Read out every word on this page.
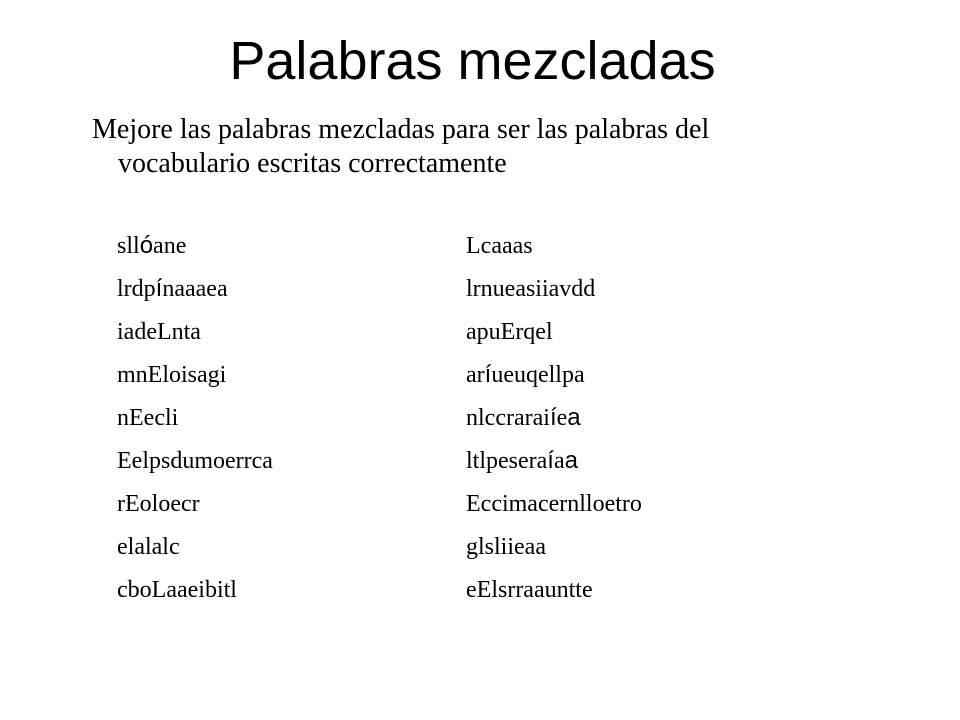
Palabras mezcladas
Mejore las palabras mezcladas para ser las palabras del vocabulario escritas correctamente
sllóane
lrdpínaaaea
iadeLnta
mnEloisagi
nEecli
Eelpsdumoerrca
rEoloecr
elalalc
cboLaaeibitl
Lcaaas
lrnueasiiavdd
apuErqel
aríueuqellpa
nlccraraiíea
ltlpeseraíaa
Eccimacernlloetro
glsliieaa
eElsrraauntte
